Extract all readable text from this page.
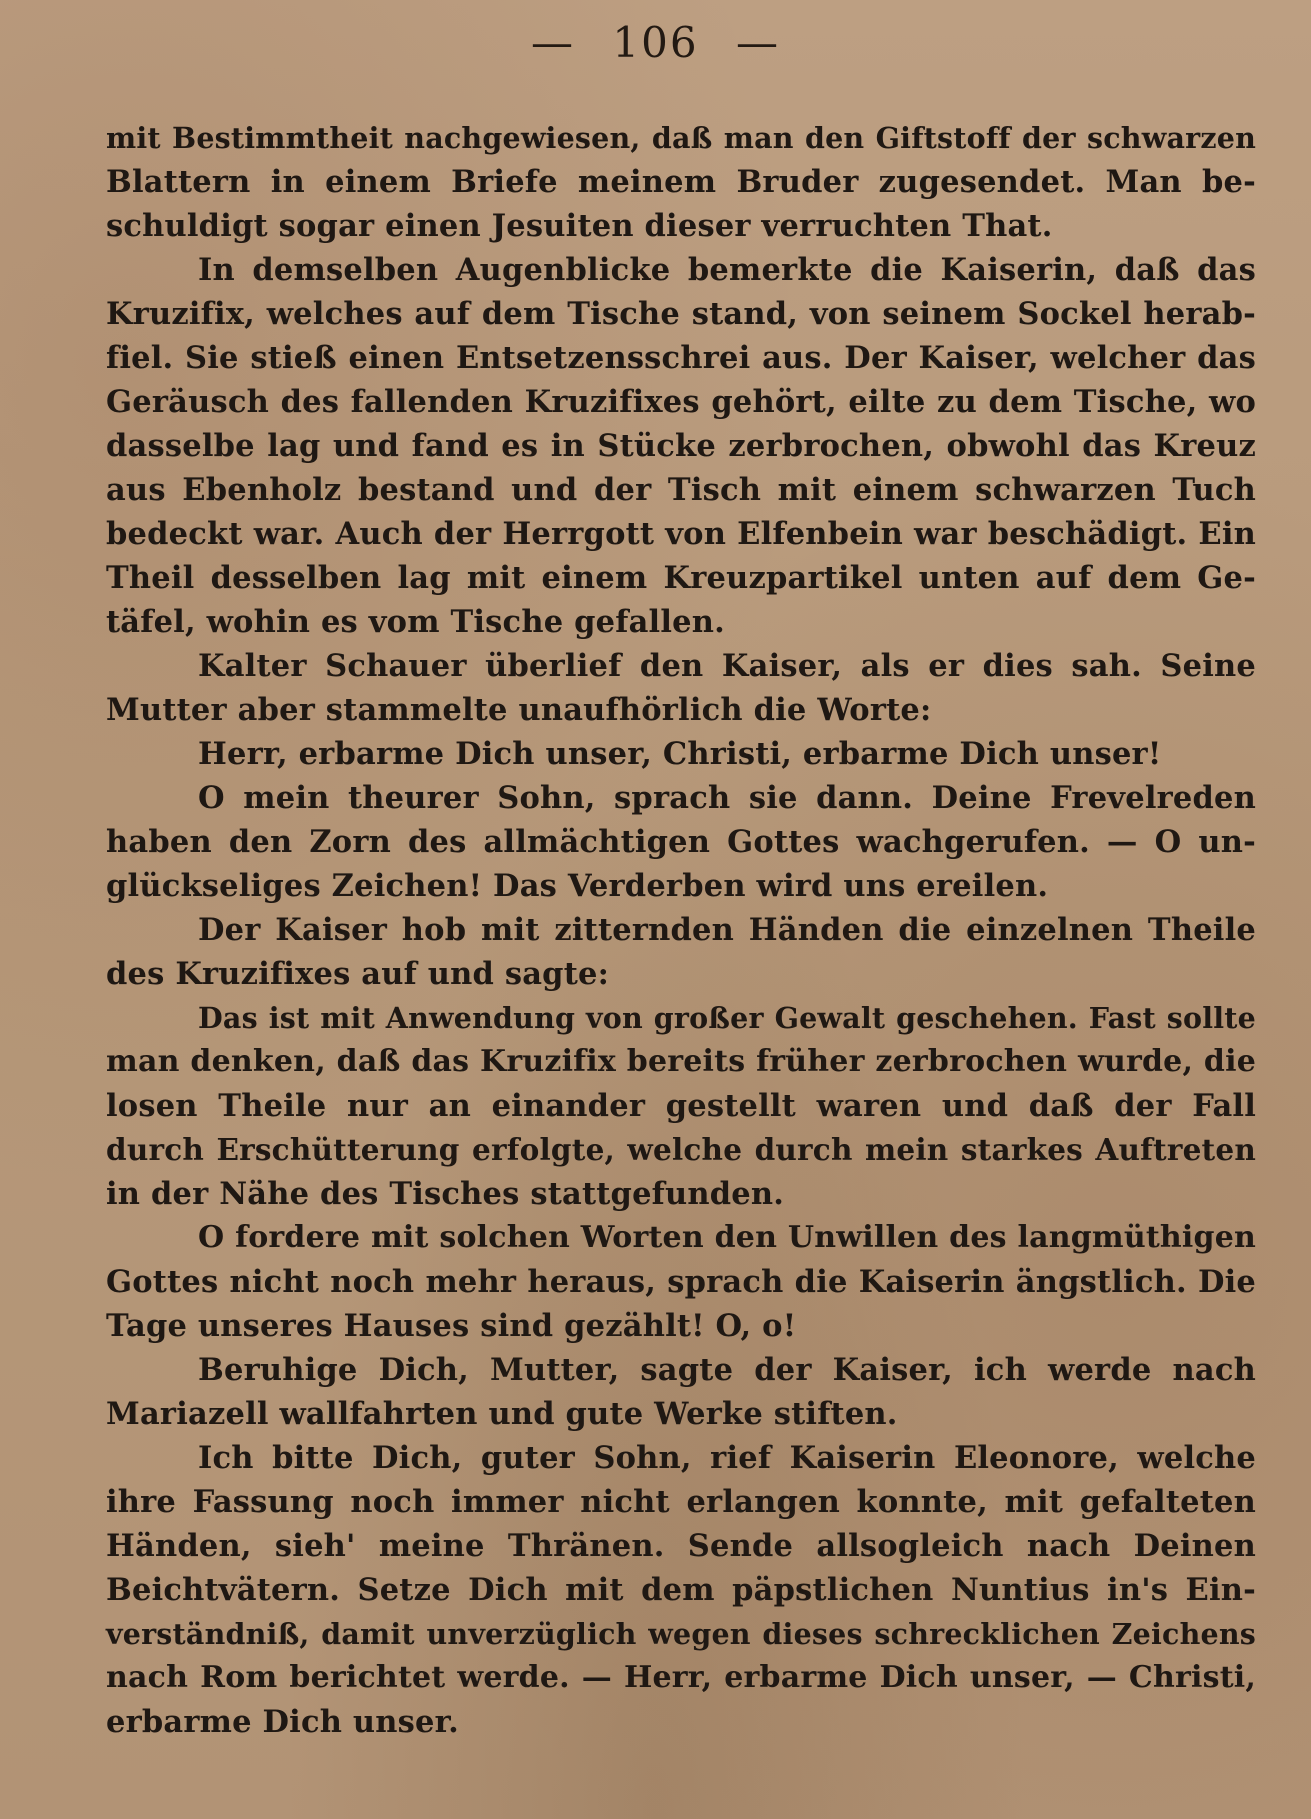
— 106 —
mit Bestimmtheit nachgewiesen, daß man den Giftstoff der schwarzen
Blattern in einem Briefe meinem Bruder zugesendet. Man be-
schuldigt sogar einen Jesuiten dieser verruchten That.
In demselben Augenblicke bemerkte die Kaiserin, daß das
Kruzifix, welches auf dem Tische stand, von seinem Sockel herab-
fiel. Sie stieß einen Entsetzensschrei aus. Der Kaiser, welcher das
Geräusch des fallenden Kruzifixes gehört, eilte zu dem Tische, wo
dasselbe lag und fand es in Stücke zerbrochen, obwohl das Kreuz
aus Ebenholz bestand und der Tisch mit einem schwarzen Tuch
bedeckt war. Auch der Herrgott von Elfenbein war beschädigt. Ein
Theil desselben lag mit einem Kreuzpartikel unten auf dem Ge-
täfel, wohin es vom Tische gefallen.
Kalter Schauer überlief den Kaiser, als er dies sah. Seine
Mutter aber stammelte unaufhörlich die Worte:
Herr, erbarme Dich unser, Christi, erbarme Dich unser!
O mein theurer Sohn, sprach sie dann. Deine Frevelreden
haben den Zorn des allmächtigen Gottes wachgerufen. — O un-
glückseliges Zeichen! Das Verderben wird uns ereilen.
Der Kaiser hob mit zitternden Händen die einzelnen Theile
des Kruzifixes auf und sagte:
Das ist mit Anwendung von großer Gewalt geschehen. Fast sollte
man denken, daß das Kruzifix bereits früher zerbrochen wurde, die
losen Theile nur an einander gestellt waren und daß der Fall
durch Erschütterung erfolgte, welche durch mein starkes Auftreten
in der Nähe des Tisches stattgefunden.
O fordere mit solchen Worten den Unwillen des langmüthigen
Gottes nicht noch mehr heraus, sprach die Kaiserin ängstlich. Die
Tage unseres Hauses sind gezählt! O, o!
Beruhige Dich, Mutter, sagte der Kaiser, ich werde nach
Mariazell wallfahrten und gute Werke stiften.
Ich bitte Dich, guter Sohn, rief Kaiserin Eleonore, welche
ihre Fassung noch immer nicht erlangen konnte, mit gefalteten
Händen, sieh' meine Thränen. Sende allsogleich nach Deinen
Beichtvätern. Setze Dich mit dem päpstlichen Nuntius in's Ein-
verständniß, damit unverzüglich wegen dieses schrecklichen Zeichens
nach Rom berichtet werde. — Herr, erbarme Dich unser, — Christi,
erbarme Dich unser.
